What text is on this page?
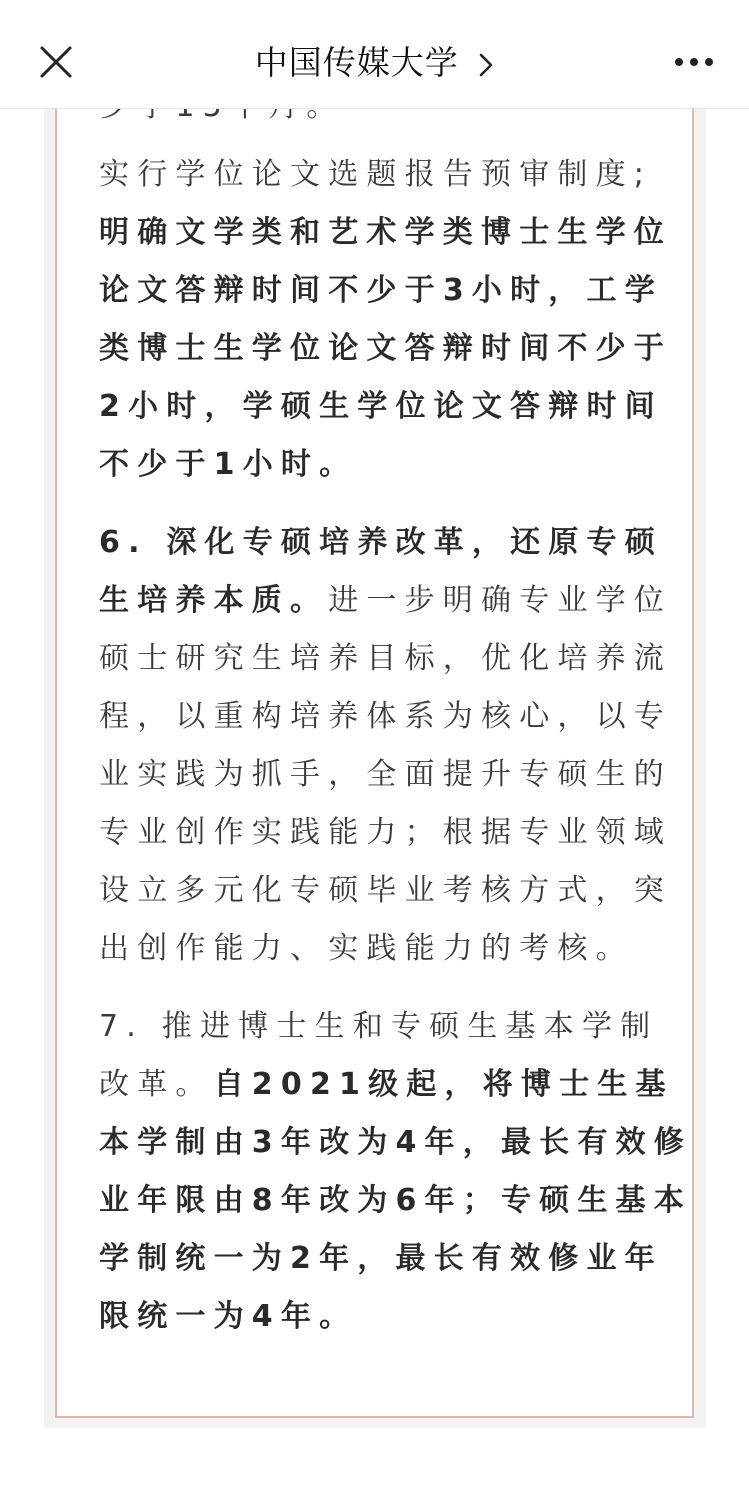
实行学位论文选题报告预审制度;
明确文学类和艺术学类博士生学位
论文答辩时间不少于3小时，工学
类博士生学位论文答辩时间不少于
2小时，学硕生学位论文答辩时间
不少于1小时。

6. 深化专硕培养改革，还原专硕
生培养本质。进一步明确专业学位
硕士研究生培养目标，优化培养流
程，以重构培养体系为核心，以专
业实践为抓手，全面提升专硕生的
专业创作实践能力；根据专业领域
设立多元化专硕毕业考核方式，突
出创作能力、实践能力的考核。

7. 推进博士生和专硕生基本学制
改革。自2021级起，将博士生基
本学制由3年改为4年，最长有效修
业年限由8年改为6年；专硕生基本
学制统一为2年，最长有效修业年
限统一为4年。

中国传媒大学
